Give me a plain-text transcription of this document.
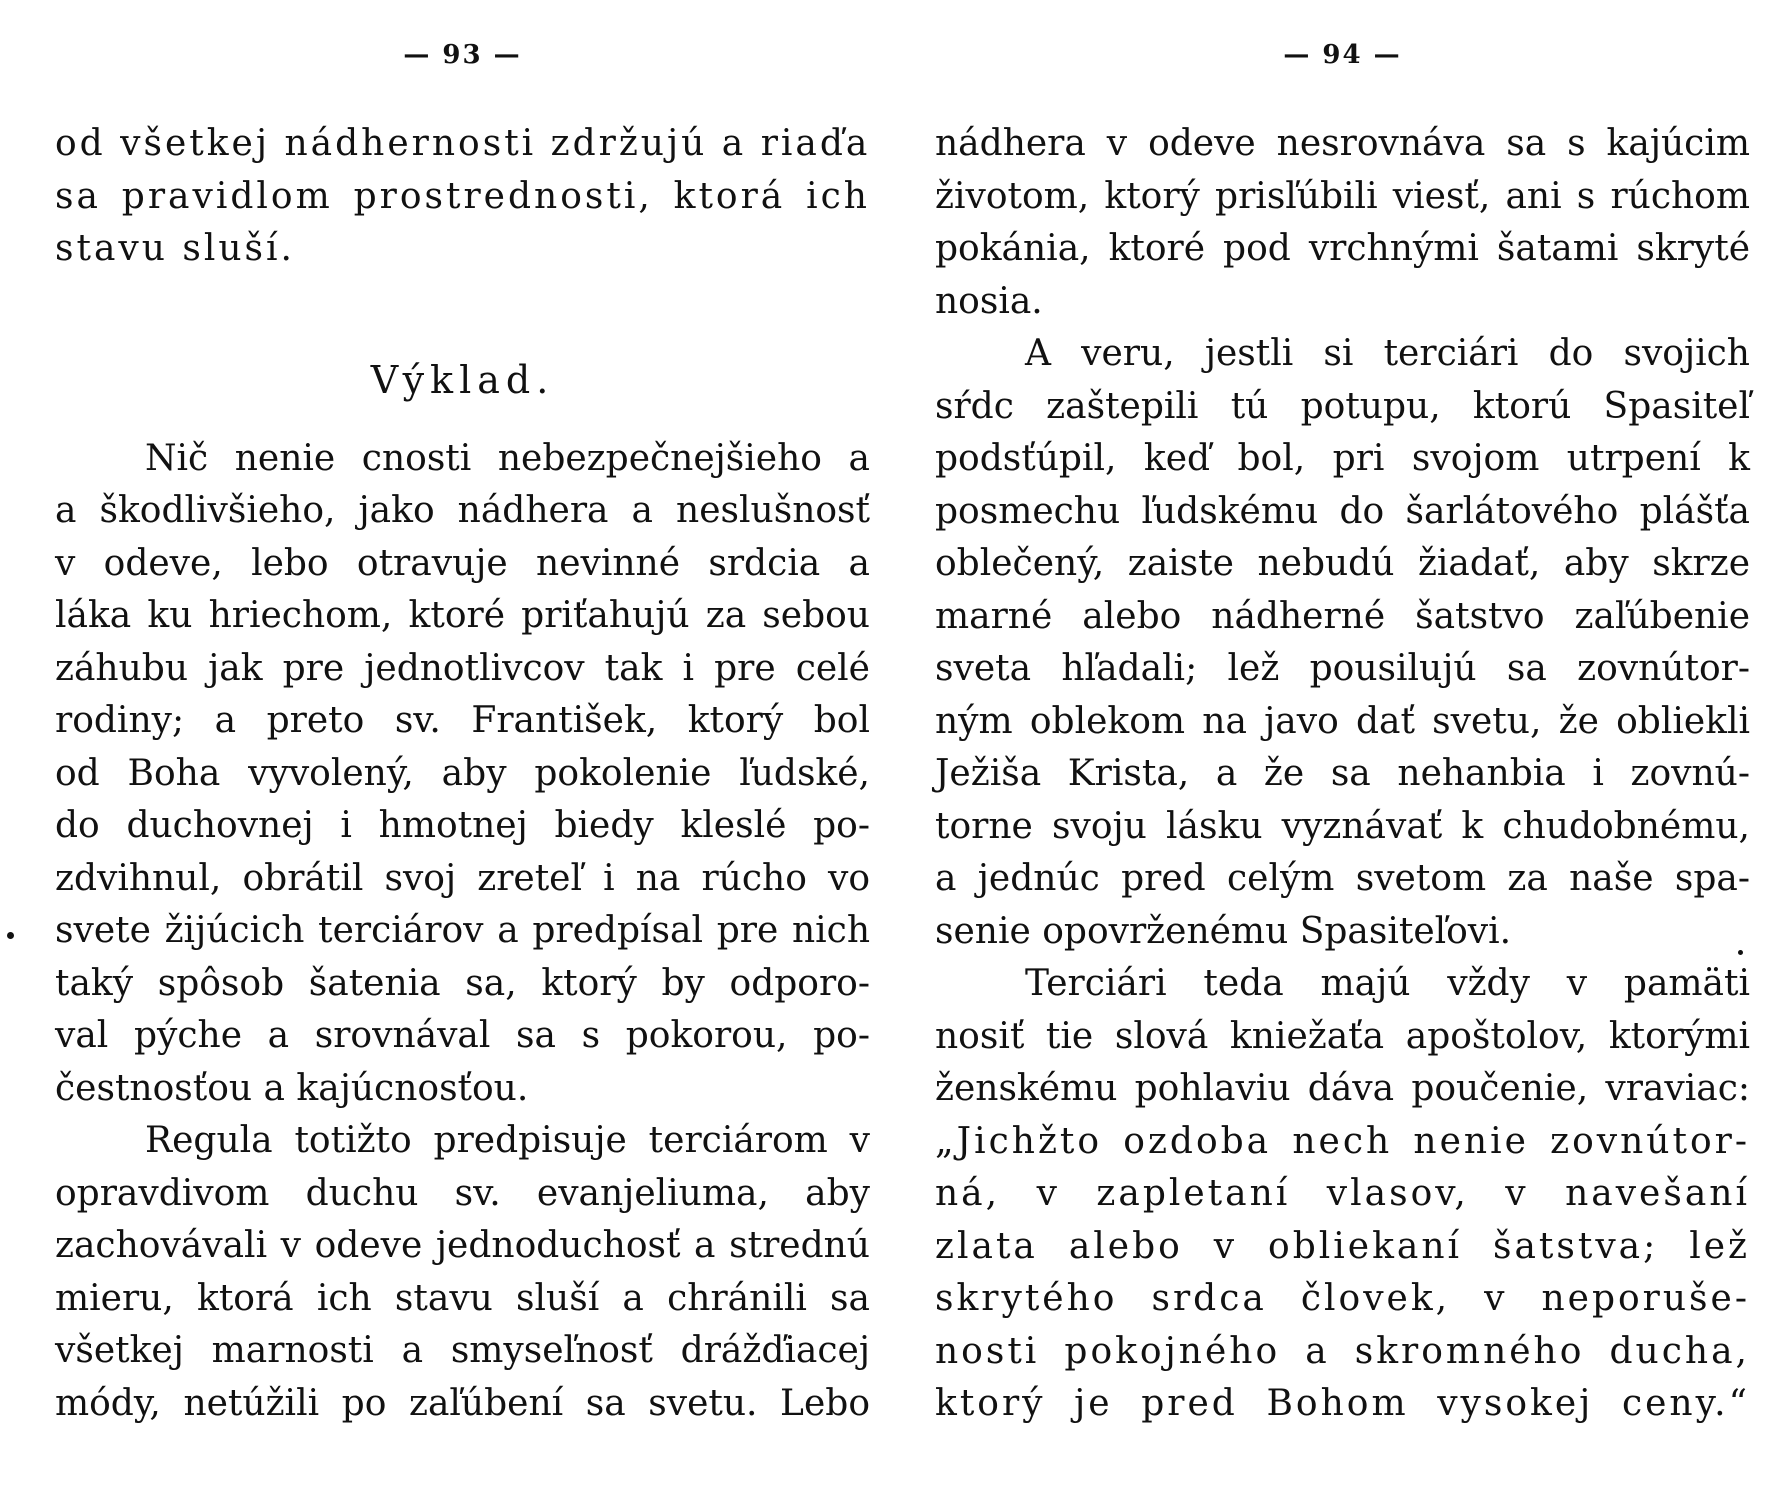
— 93 —
od všetkej nádhernosti zdržujú a riaďa
sa pravidlom prostrednosti, ktorá ich
stavu sluší.
Výklad.
Nič nenie cnosti nebezpečnejšieho a
a škodlivšieho, jako nádhera a neslušnosť
v odeve, lebo otravuje nevinné srdcia a
láka ku hriechom, ktoré priťahujú za sebou
záhubu jak pre jednotlivcov tak i pre celé
rodiny; a preto sv. František, ktorý bol
od Boha vyvolený, aby pokolenie ľudské,
do duchovnej i hmotnej biedy kleslé po-
zdvihnul, obrátil svoj zreteľ i na rúcho vo
svete žijúcich terciárov a predpísal pre nich
taký spôsob šatenia sa, ktorý by odporo-
val pýche a srovnával sa s pokorou, po-
čestnosťou a kajúcnosťou.
Regula totižto predpisuje terciárom v
opravdivom duchu sv. evanjeliuma, aby
zachovávali v odeve jednoduchosť a strednú
mieru, ktorá ich stavu sluší a chránili sa
všetkej marnosti a smyseľnosť drážďiacej
módy, netúžili po zaľúbení sa svetu. Lebo
— 94 —
nádhera v odeve nesrovnáva sa s kajúcim
životom, ktorý prisľúbili viesť, ani s rúchom
pokánia, ktoré pod vrchnými šatami skryté
nosia.
A veru, jestli si terciári do svojich
sŕdc zaštepili tú potupu, ktorú Spasiteľ
podsťúpil, keď bol, pri svojom utrpení k
posmechu ľudskému do šarlátového plášťa
oblečený, zaiste nebudú žiadať, aby skrze
marné alebo nádherné šatstvo zaľúbenie
sveta hľadali; lež pousilujú sa zovnútor-
ným oblekom na javo dať svetu, že obliekli
Ježiša Krista, a že sa nehanbia i zovnú-
torne svoju lásku vyznávať k chudobnému,
a jednúc pred celým svetom za naše spa-
senie opovrženému Spasiteľovi.
Terciári teda majú vždy v pamäti
nosiť tie slová kniežaťa apoštolov, ktorými
ženskému pohlaviu dáva poučenie, vraviac:
„Jichžto ozdoba nech nenie zovnútor-
ná, v zapletaní vlasov, v navešaní
zlata alebo v obliekaní šatstva; lež
skrytého srdca človek, v neporuše-
nosti pokojného a skromného ducha,
ktorý je pred Bohom vysokej ceny.“
